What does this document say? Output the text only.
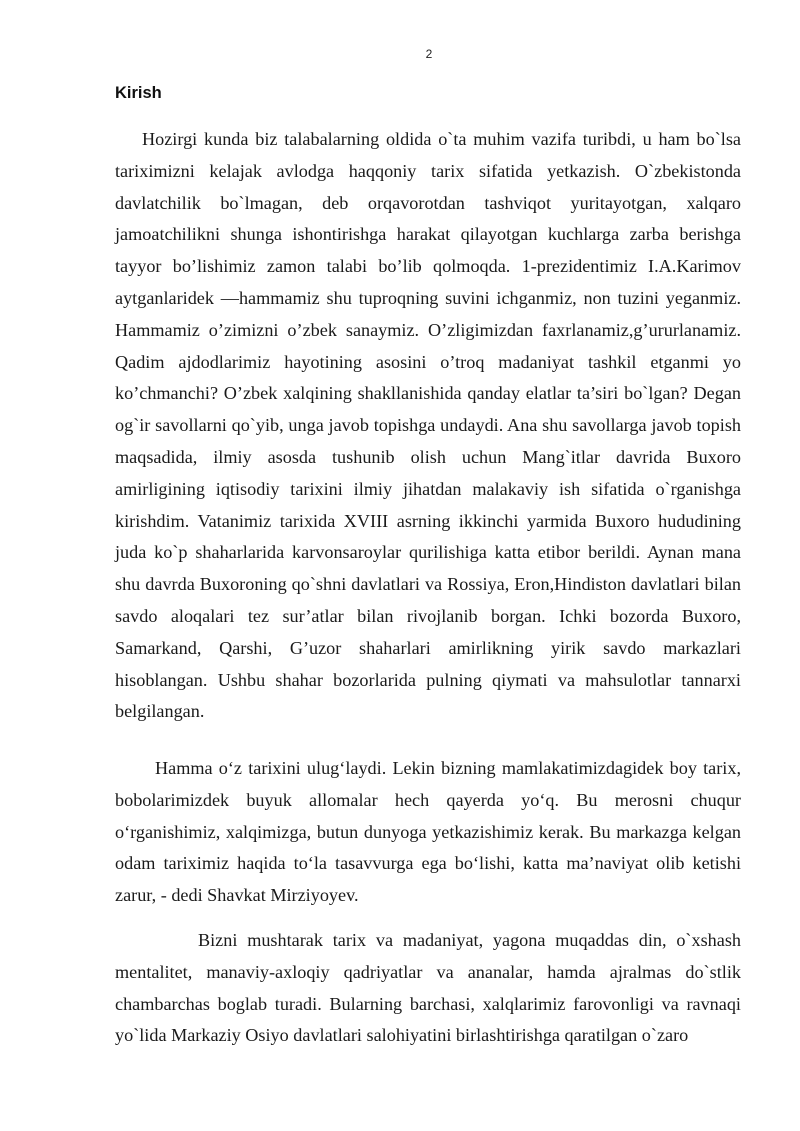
2
Kirish

Hozirgi kunda biz talabalarning oldida o`ta muhim vazifa turibdi, u ham bo`lsa tariximizni kelajak avlodga haqqoniy tarix sifatida yetkazish. O`zbekistonda davlatchilik bo`lmagan, deb orqavorotdan tashviqot yuritayotgan, xalqaro jamoatchilikni shunga ishontirishga harakat qilayotgan kuchlarga zarba berishga tayyor bo’lishimiz zamon talabi bo’lib qolmoqda. 1-prezidentimiz I.A.Karimov aytganlaridek —hammamiz shu tuproqning suvini ichganmiz, non tuzini yeganmiz. Hammamiz o’zimizni o’zbek sanaymiz. O’zligimizdan faxrlanamiz,g’ururlanamiz. Qadim ajdodlarimiz hayotining asosini o’troq madaniyat tashkil etganmi yo ko’chmanchi? O’zbek xalqining shakllanishida qanday elatlar ta’siri bo`lgan? Degan og`ir savollarni qo`yib, unga javob topishga undaydi. Ana shu savollarga javob topish maqsadida, ilmiy asosda tushunib olish uchun Mang`itlar davrida Buxoro amirligining iqtisodiy tarixini ilmiy jihatdan malakaviy ish sifatida o`rganishga kirishdim. Vatanimiz tarixida XVIII asrning ikkinchi yarmida Buxoro hududining juda ko`p shaharlarida karvonsaroylar qurilishiga katta etibor berildi. Aynan mana shu davrda Buxoroning qo`shni davlatlari va Rossiya, Eron,Hindiston davlatlari bilan savdo aloqalari tez sur’atlar bilan rivojlanib borgan. Ichki bozorda Buxoro, Samarkand, Qarshi, G’uzor shaharlari amirlikning yirik savdo markazlari hisoblangan. Ushbu shahar bozorlarida pulning qiymati va mahsulotlar tannarxi belgilangan.

Hamma o‘z tarixini ulug‘laydi. Lekin bizning mamlakatimizdagidek boy tarix, bobolarimizdek buyuk allomalar hech qayerda yo‘q. Bu merosni chuqur o‘rganishimiz, xalqimizga, butun dunyoga yetkazishimiz kerak. Bu markazga kelgan odam tariximiz haqida to‘la tasavvurga ega bo‘lishi, katta ma’naviyat olib ketishi zarur, - dedi Shavkat Mirziyoyev.

Bizni mushtarak tarix va madaniyat, yagona muqaddas din, o`xshash mentalitet, manaviy-axloqiy qadriyatlar va ananalar, hamda ajralmas do`stlik chambarchas boglab turadi. Bularning barchasi, xalqlarimiz farovonligi va ravnaqi yo`lida Markaziy Osiyo davlatlari salohiyatini birlashtirishga qaratilgan o`zaro
